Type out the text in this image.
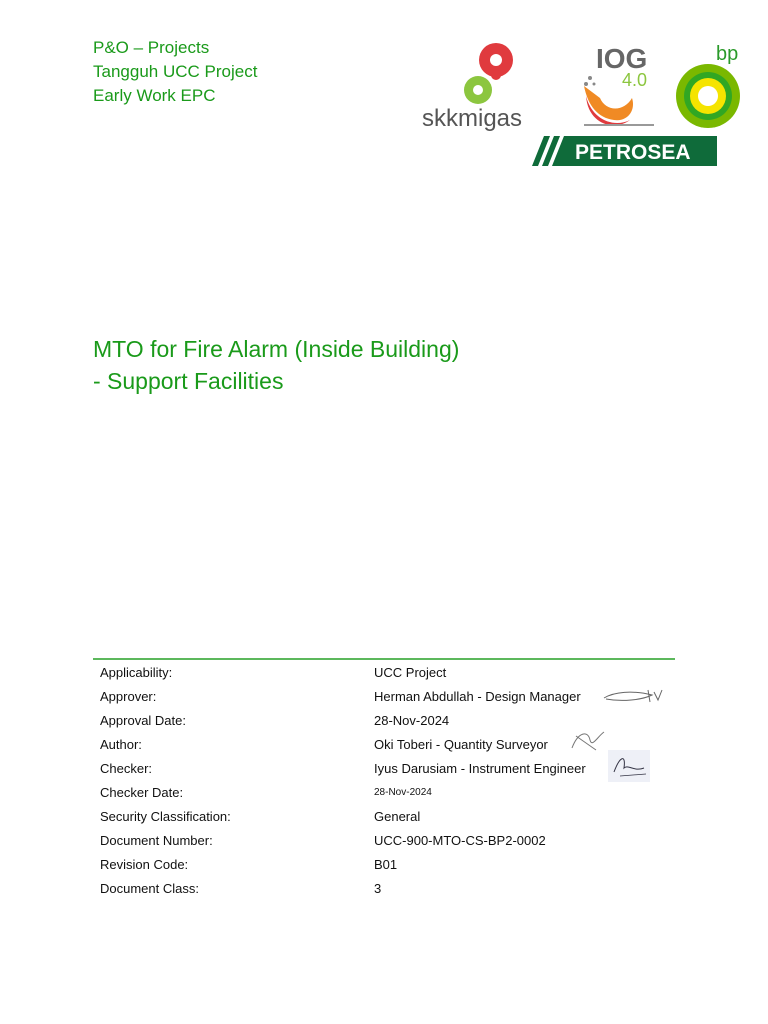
P&O – Projects
Tangguh UCC Project
Early Work EPC
skkmigas
IOG
4.0
bp
PETROSEA
MTO for Fire Alarm (Inside Building)
- Support Facilities
Applicability:	UCC Project
Approver:	Herman Abdullah - Design Manager

Approval Date:	28-Nov-2024
Author:	Oki Toberi - Quantity Surveyor

Checker:	Iyus Darusiam - Instrument Engineer

Checker Date:	28-Nov-2024
Security Classification:	General
Document Number:	UCC-900-MTO-CS-BP2-0002
Revision Code:	B01
Document Class:	3
